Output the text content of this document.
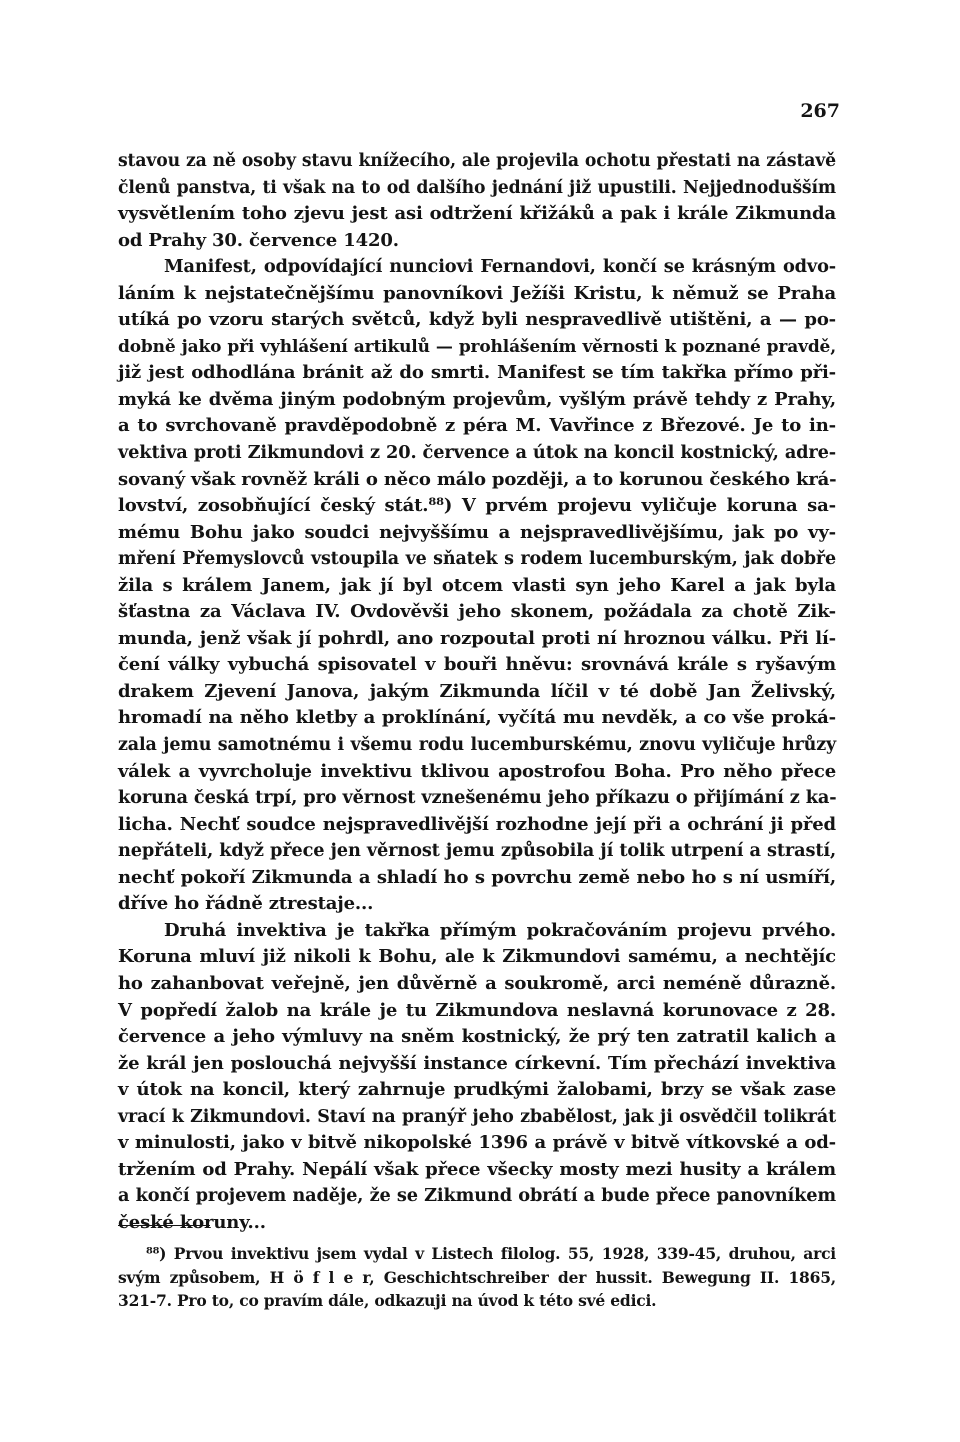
267
stavou za ně osoby stavu knížecího, ale projevila ochotu přestati na zástavě
členů panstva, ti však na to od dalšího jednání již upustili. Nejjednodušším
vysvětlením toho zjevu jest asi odtržení křižáků a pak i krále Zikmunda
od Prahy 30. července 1420.
Manifest, odpovídající nunciovi Fernandovi, končí se krásným odvo-
láním k nejstatečnějšímu panovníkovi Ježíši Kristu, k němuž se Praha
utíká po vzoru starých světců, když byli nespravedlivě utištěni, a — po-
dobně jako při vyhlášení artikulů — prohlášením věrnosti k poznané pravdě,
již jest odhodlána bránit až do smrti. Manifest se tím takřka přímo při-
myká ke dvěma jiným podobným projevům, vyšlým právě tehdy z Prahy,
a to svrchovaně pravděpodobně z péra M. Vavřince z Březové. Je to in-
vektiva proti Zikmundovi z 20. července a útok na koncil kostnický, adre-
sovaný však rovněž králi o něco málo později, a to korunou českého krá-
lovství, zosobňující český stát.⁸⁸) V prvém projevu vyličuje koruna sa-
mému Bohu jako soudci nejvyššímu a nejspravedlivějšímu, jak po vy-
mření Přemyslovců vstoupila ve sňatek s rodem lucemburským, jak dobře
žila s králem Janem, jak jí byl otcem vlasti syn jeho Karel a jak byla
šťastna za Václava IV. Ovdověvši jeho skonem, požádala za chotě Zik-
munda, jenž však jí pohrdl, ano rozpoutal proti ní hroznou válku. Při lí-
čení války vybuchá spisovatel v bouři hněvu: srovnává krále s ryšavým
drakem Zjevení Janova, jakým Zikmunda líčil v té době Jan Želivský,
hromadí na něho kletby a proklínání, vyčítá mu nevděk, a co vše proká-
zala jemu samotnému i všemu rodu lucemburskému, znovu vyličuje hrůzy
válek a vyvrcholuje invektivu tklivou apostrofou Boha. Pro něho přece
koruna česká trpí, pro věrnost vznešenému jeho příkazu o přijímání z ka-
licha. Nechť soudce nejspravedlivější rozhodne její při a ochrání ji před
nepřáteli, když přece jen věrnost jemu způsobila jí tolik utrpení a strastí,
nechť pokoří Zikmunda a shladí ho s povrchu země nebo ho s ní usmíří,
dříve ho řádně ztrestaje...
Druhá invektiva je takřka přímým pokračováním projevu prvého.
Koruna mluví již nikoli k Bohu, ale k Zikmundovi samému, a nechtějíc
ho zahanbovat veřejně, jen důvěrně a soukromě, arci neméně důrazně.
V popředí žalob na krále je tu Zikmundova neslavná korunovace z 28.
července a jeho výmluvy na sněm kostnický, že prý ten zatratil kalich a
že král jen poslouchá nejvyšší instance církevní. Tím přechází invektiva
v útok na koncil, který zahrnuje prudkými žalobami, brzy se však zase
vrací k Zikmundovi. Staví na pranýř jeho zbabělost, jak ji osvědčil tolikrát
v minulosti, jako v bitvě nikopolské 1396 a právě v bitvě vítkovské a od-
tržením od Prahy. Nepálí však přece všecky mosty mezi husity a králem
a končí projevem naděje, že se Zikmund obrátí a bude přece panovníkem
české koruny...
⁸⁸) Prvou invektivu jsem vydal v Listech filolog. 55, 1928, 339-45, druhou, arci
svým způsobem, H ö f l e r, Geschichtschreiber der hussit. Bewegung II. 1865,
321-7. Pro to, co pravím dále, odkazuji na úvod k této své edici.
